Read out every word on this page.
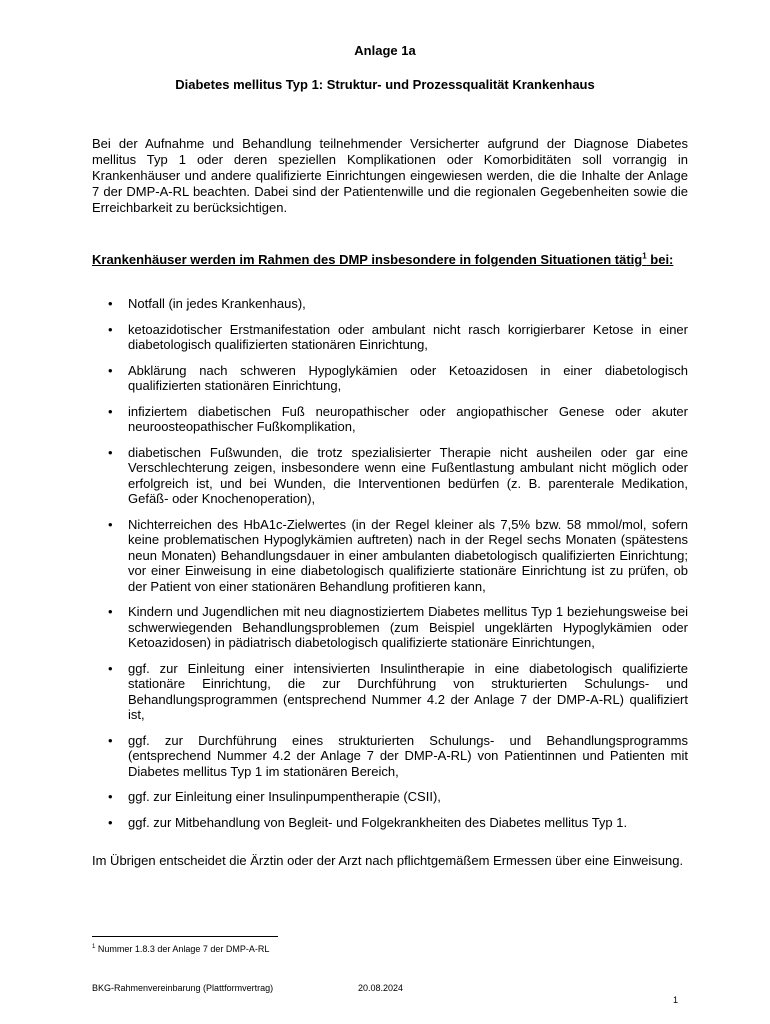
Anlage 1a
Diabetes mellitus Typ 1: Struktur- und Prozessqualität Krankenhaus
Bei der Aufnahme und Behandlung teilnehmender Versicherter aufgrund der Diagnose Diabetes mellitus Typ 1 oder deren speziellen Komplikationen oder Komorbiditäten soll vorrangig in Krankenhäuser und andere qualifizierte Einrichtungen eingewiesen werden, die die Inhalte der Anlage 7 der DMP-A-RL beachten. Dabei sind der Patientenwille und die regionalen Gegebenheiten sowie die Erreichbarkeit zu berücksichtigen.
Krankenhäuser werden im Rahmen des DMP insbesondere in folgenden Situationen tätig$^1$ bei:
• Notfall (in jedes Krankenhaus),
• ketoazidotischer Erstmanifestation oder ambulant nicht rasch korrigierbarer Ketose in einer diabetologisch qualifizierten stationären Einrichtung,
• Abklärung nach schweren Hypoglykämien oder Ketoazidosen in einer diabetologisch qualifizierten stationären Einrichtung,
• infiziertem diabetischen Fuß neuropathischer oder angiopathischer Genese oder akuter neuroosteopathischer Fußkomplikation,
• diabetischen Fußwunden, die trotz spezialisierter Therapie nicht ausheilen oder gar eine Verschlechterung zeigen, insbesondere wenn eine Fußentlastung ambulant nicht möglich oder erfolgreich ist, und bei Wunden, die Interventionen bedürfen (z. B. parenterale Medikation, Gefäß- oder Knochenoperation),
• Nichterreichen des HbA1c-Zielwertes (in der Regel kleiner als 7,5% bzw. 58 mmol/mol, sofern keine problematischen Hypoglykämien auftreten) nach in der Regel sechs Monaten (spätestens neun Monaten) Behandlungsdauer in einer ambulanten diabetologisch qualifizierten Einrichtung; vor einer Einweisung in eine diabetologisch qualifizierte stationäre Einrichtung ist zu prüfen, ob der Patient von einer stationären Behandlung profitieren kann,
• Kindern und Jugendlichen mit neu diagnostiziertem Diabetes mellitus Typ 1 beziehungsweise bei schwerwiegenden Behandlungsproblemen (zum Beispiel ungeklärten Hypoglykämien oder Ketoazidosen) in pädiatrisch diabetologisch qualifizierte stationäre Einrichtungen,
• ggf. zur Einleitung einer intensivierten Insulintherapie in eine diabetologisch qualifizierte stationäre Einrichtung, die zur Durchführung von strukturierten Schulungs- und Behandlungsprogrammen (entsprechend Nummer 4.2 der Anlage 7 der DMP-A-RL) qualifiziert ist,
• ggf. zur Durchführung eines strukturierten Schulungs- und Behandlungsprogramms (entsprechend Nummer 4.2 der Anlage 7 der DMP-A-RL) von Patientinnen und Patienten mit Diabetes mellitus Typ 1 im stationären Bereich,
• ggf. zur Einleitung einer Insulinpumpentherapie (CSII),
• ggf. zur Mitbehandlung von Begleit- und Folgekrankheiten des Diabetes mellitus Typ 1.
Im Übrigen entscheidet die Ärztin oder der Arzt nach pflichtgemäßem Ermessen über eine Einweisung.
$^1$ Nummer 1.8.3 der Anlage 7 der DMP-A-RL
BKG-Rahmenvereinbarung (Plattformvertrag)	20.08.2024
1
